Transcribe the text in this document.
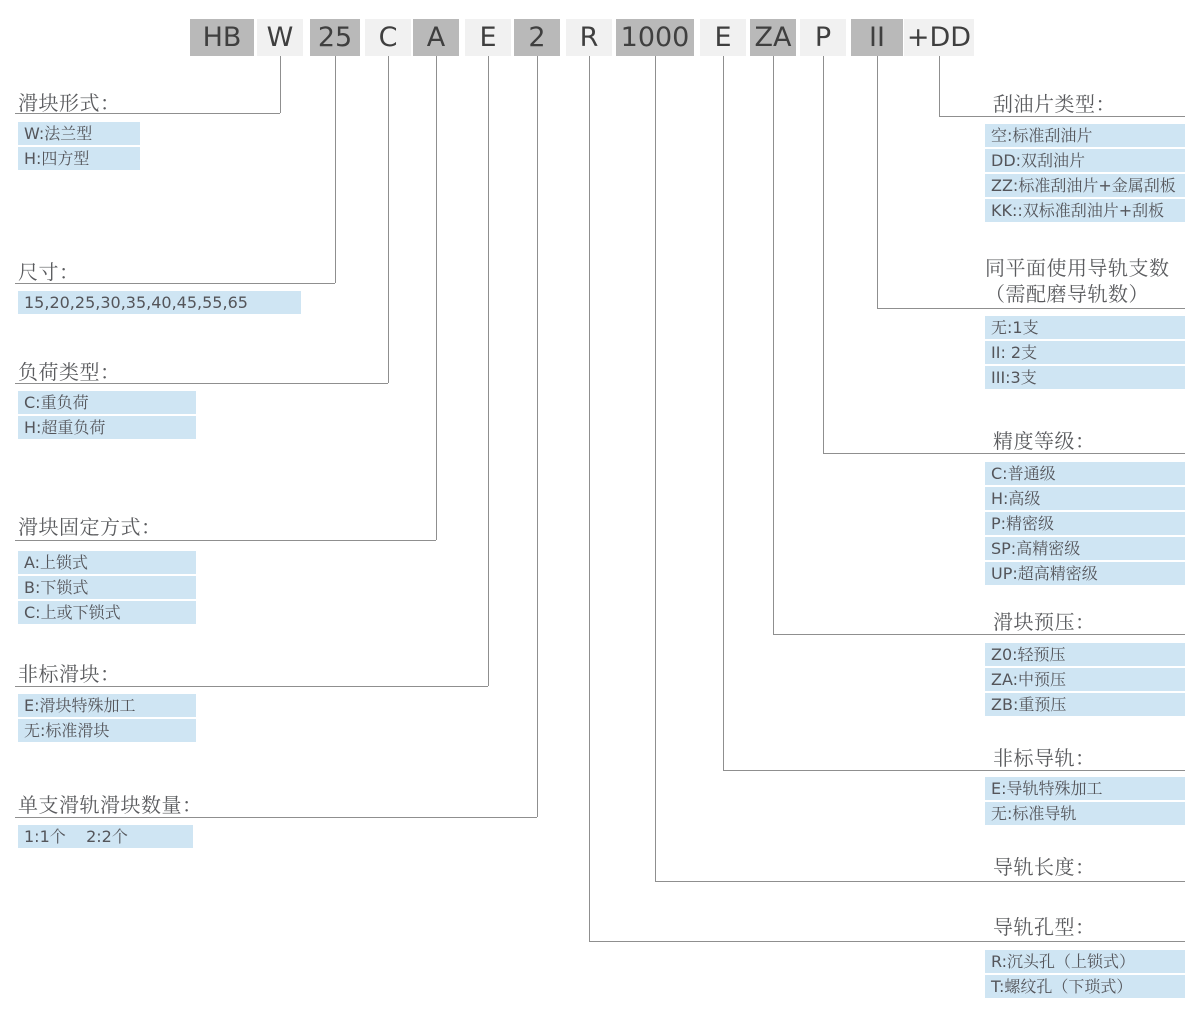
HB W 25 C	A	E	2	R 1000 E ZA P	II +DD
滑块形式：
W:法兰型
H:四方型
尺寸：
15,20,25,30,35,40,45,55,65
负荷类型：
C:重负荷
H:超重负荷
滑块固定方式：
A:上锁式
B:下锁式
C:上或下锁式
非标滑块：
E:滑块特殊加工
无:标准滑块
单支滑轨滑块数量：
1:1个    2:2个
刮油片类型：
空:标准刮油片
DD:双刮油片
ZZ:标准刮油片+金属刮板
KK::双标准刮油片+刮板
同平面使用导轨支数
（需配磨导轨数）
无:1支
II: 2支
III:3支
精度等级：
C:普通级
H:高级
P:精密级
SP:高精密级
UP:超高精密级
滑块预压：
Z0:轻预压
ZA:中预压
ZB:重预压
非标导轨：
E:导轨特殊加工
无:标准导轨
导轨长度：
导轨孔型：
R:沉头孔（上锁式）
T:螺纹孔（下琐式）
